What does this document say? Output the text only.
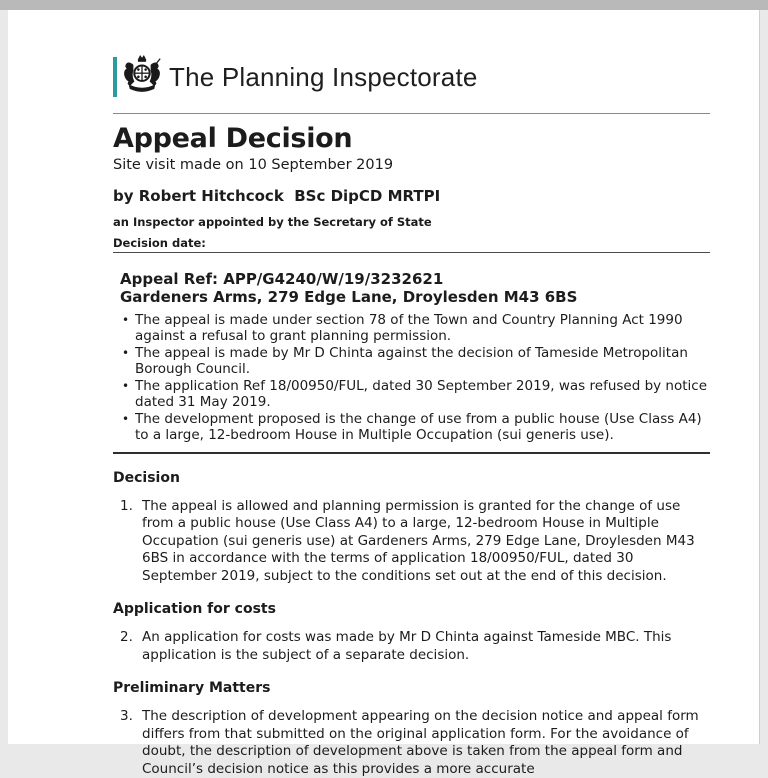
The Planning Inspectorate
Appeal Decision
Site visit made on 10 September 2019
by Robert Hitchcock  BSc DipCD MRTPI
an Inspector appointed by the Secretary of State
Decision date:
Appeal Ref: APP/G4240/W/19/3232621
Gardeners Arms, 279 Edge Lane, Droylesden M43 6BS
• The appeal is made under section 78 of the Town and Country Planning Act 1990 against a refusal to grant planning permission.
• The appeal is made by Mr D Chinta against the decision of Tameside Metropolitan Borough Council.
• The application Ref 18/00950/FUL, dated 30 September 2019, was refused by notice dated 31 May 2019.
• The development proposed is the change of use from a public house (Use Class A4) to a large, 12-bedroom House in Multiple Occupation (sui generis use).
Decision
1. The appeal is allowed and planning permission is granted for the change of use from a public house (Use Class A4) to a large, 12-bedroom House in Multiple Occupation (sui generis use) at Gardeners Arms, 279 Edge Lane, Droylesden M43 6BS in accordance with the terms of application 18/00950/FUL, dated 30 September 2019, subject to the conditions set out at the end of this decision.
Application for costs
2. An application for costs was made by Mr D Chinta against Tameside MBC. This application is the subject of a separate decision.
Preliminary Matters
3. The description of development appearing on the decision notice and appeal form differs from that submitted on the original application form. For the avoidance of doubt, the description of development above is taken from the appeal form and Council’s decision notice as this provides a more accurate
